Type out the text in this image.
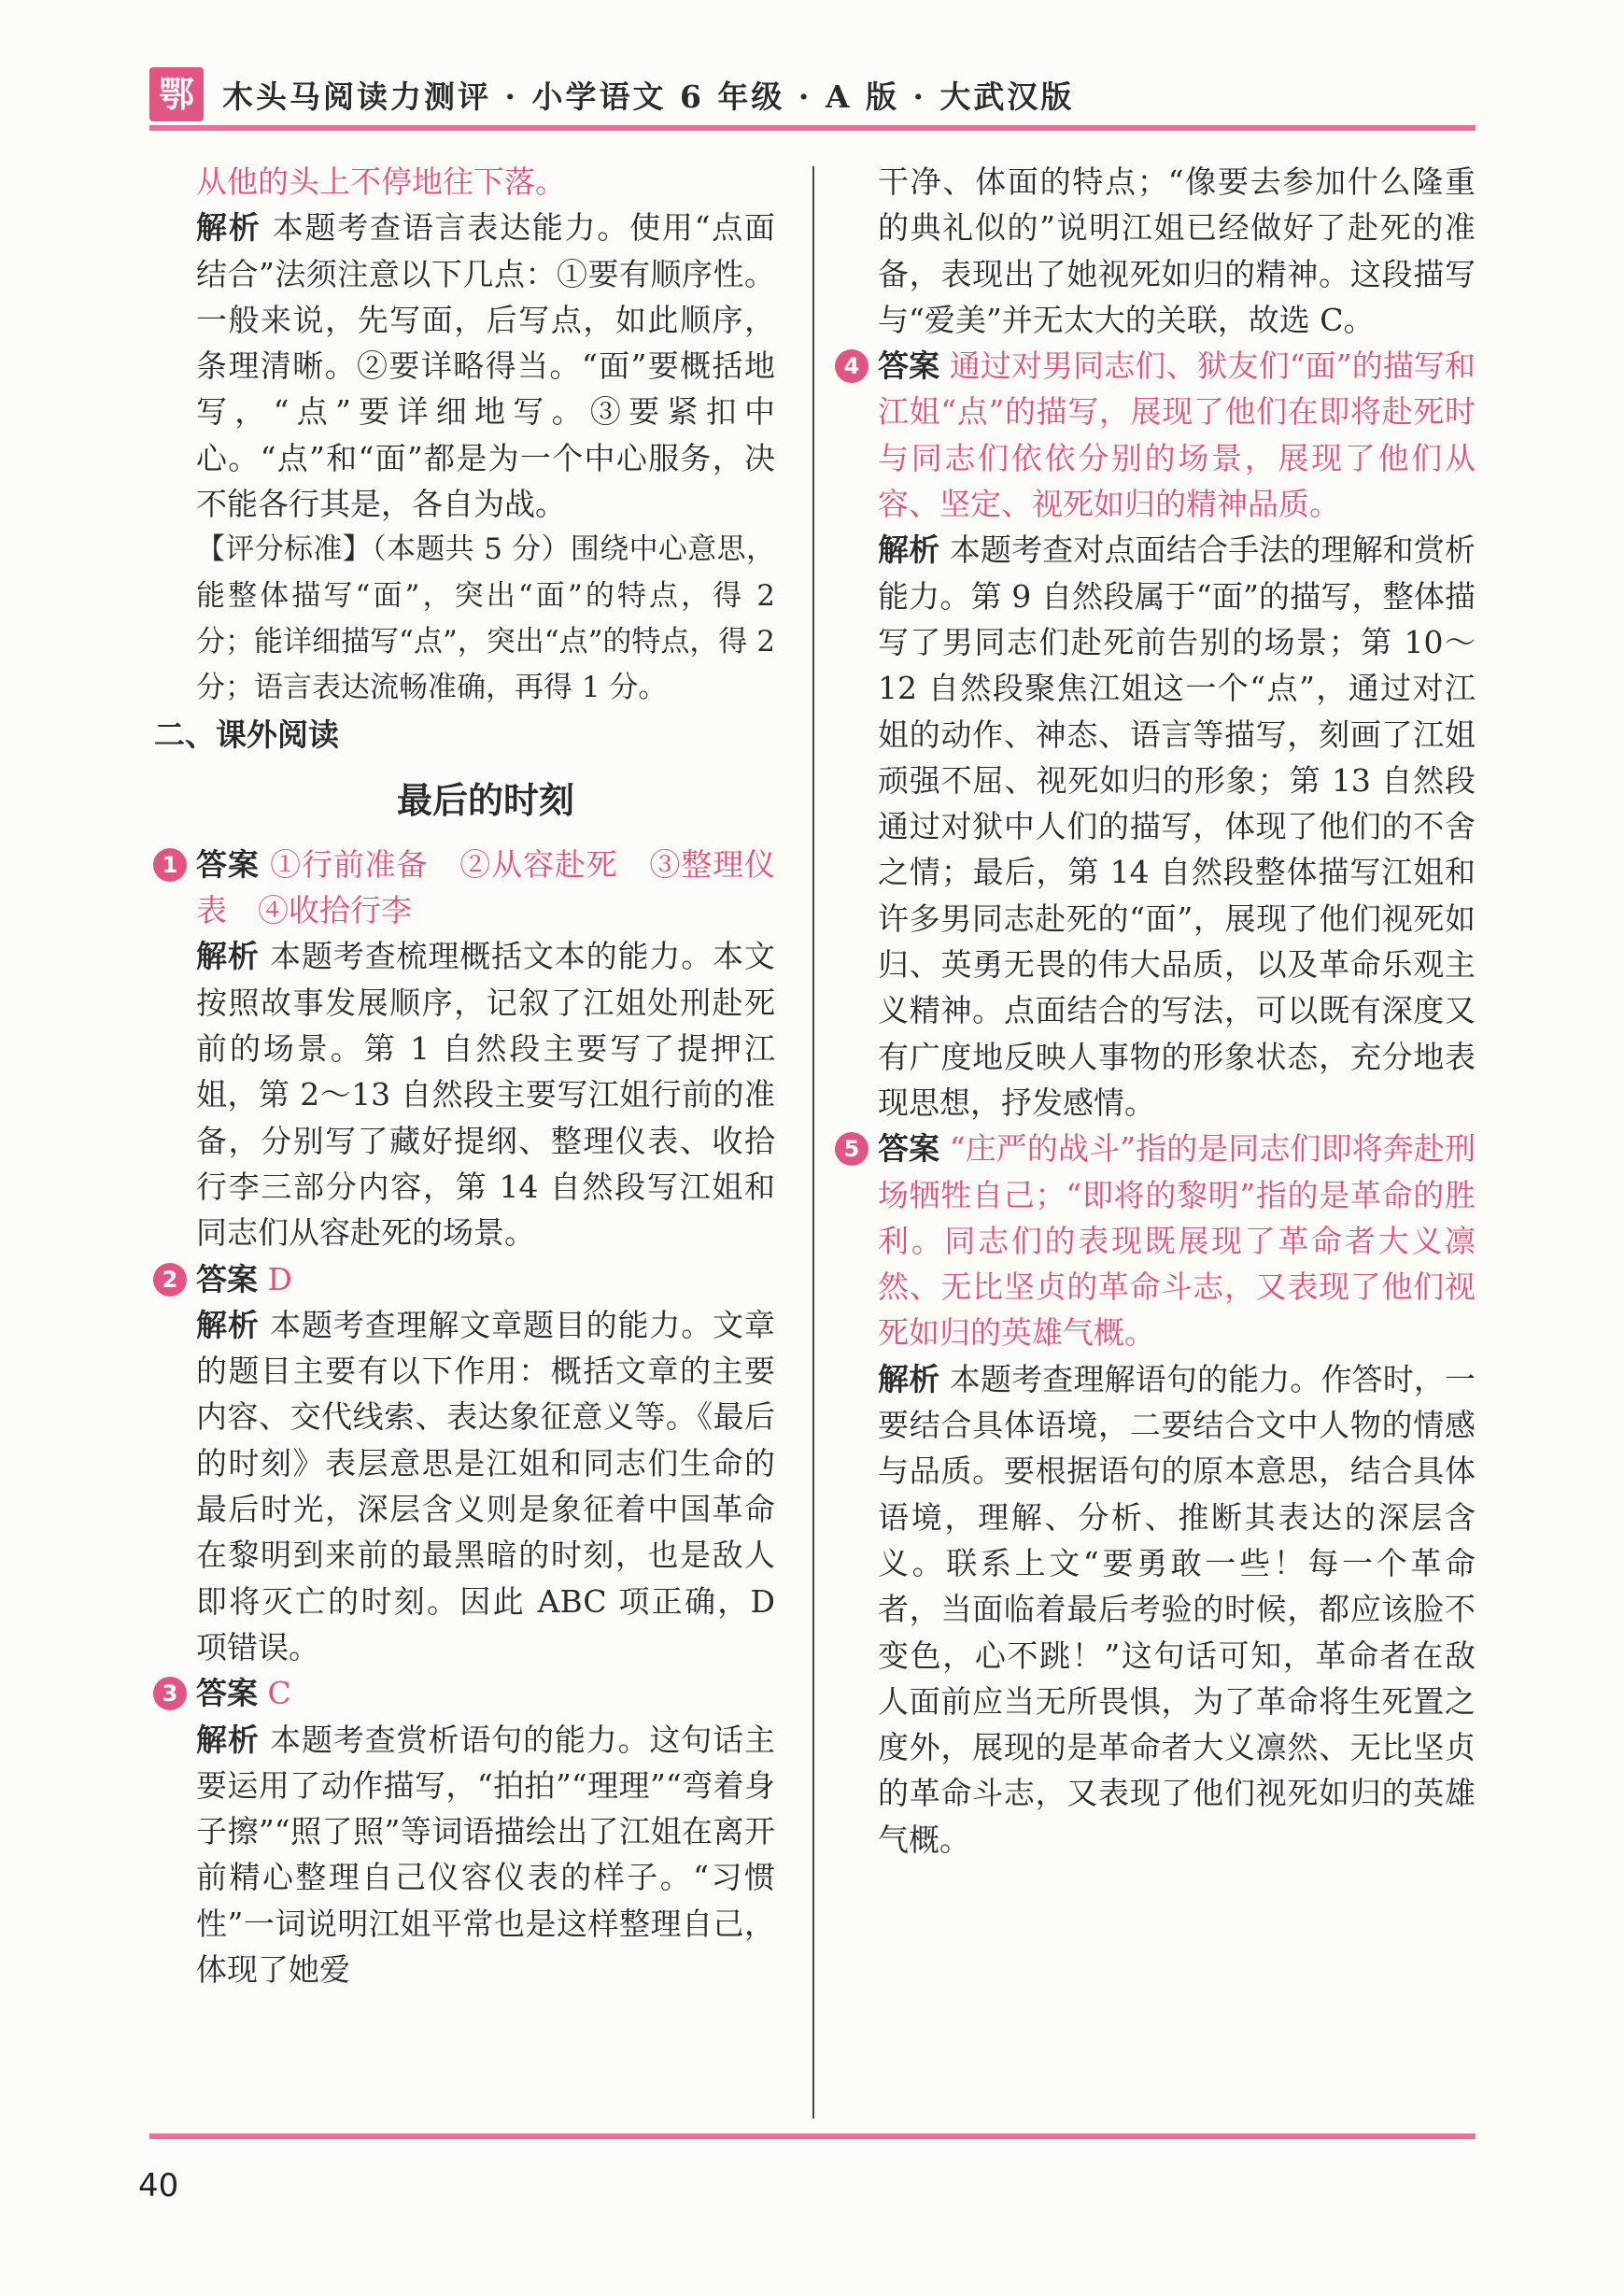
鄂 木头马阅读力测评 · 小学语文 6 年级 · A 版 · 大武汉版

从他的头上不停地往下落。

解析 本题考查语言表达能力。使用“点面结合”法须注意以下几点：①要有顺序性。一般来说，先写面，后写点，如此顺序，条理清晰。②要详略得当。“面”要概括地写，“点”要详细地写。③要紧扣中心。“点”和“面”都是为一个中心服务，决不能各行其是，各自为战。

【评分标准】（本题共 5 分）围绕中心意思，能整体描写“面”，突出“面”的特点，得 2 分；能详细描写“点”，突出“点”的特点，得 2 分；语言表达流畅准确，再得 1 分。

二、课外阅读

最后的时刻
1 答案 ①行前准备　②从容赴死　③整理仪表　④收拾行李

解析 本题考查梳理概括文本的能力。本文按照故事发展顺序，记叙了江姐处刑赴死前的场景。第 1 自然段主要写了提押江姐，第 2～13 自然段主要写江姐行前的准备，分别写了藏好提纲、整理仪表、收拾行李三部分内容，第 14 自然段写江姐和同志们从容赴死的场景。

2 答案 D

解析 本题考查理解文章题目的能力。文章的题目主要有以下作用：概括文章的主要内容、交代线索、表达象征意义等。《最后的时刻》表层意思是江姐和同志们生命的最后时光，深层含义则是象征着中国革命在黎明到来前的最黑暗的时刻，也是敌人即将灭亡的时刻。因此 ABC 项正确，D 项错误。

3 答案 C

解析 本题考查赏析语句的能力。这句话主要运用了动作描写，“拍拍”“理理”“弯着身子擦”“照了照”等词语描绘出了江姐在离开前精心整理自己仪容仪表的样子。“习惯性”一词说明江姐平常也是这样整理自己，体现了她爱

干净、体面的特点；“像要去参加什么隆重的典礼似的”说明江姐已经做好了赴死的准备，表现出了她视死如归的精神。这段描写与“爱美”并无太大的关联，故选 C。

4 答案 通过对男同志们、狱友们“面”的描写和江姐“点”的描写，展现了他们在即将赴死时与同志们依依分别的场景，展现了他们从容、坚定、视死如归的精神品质。

解析 本题考查对点面结合手法的理解和赏析能力。第 9 自然段属于“面”的描写，整体描写了男同志们赴死前告别的场景；第 10～12 自然段聚焦江姐这一个“点”，通过对江姐的动作、神态、语言等描写，刻画了江姐顽强不屈、视死如归的形象；第 13 自然段通过对狱中人们的描写，体现了他们的不舍之情；最后，第 14 自然段整体描写江姐和许多男同志赴死的“面”，展现了他们视死如归、英勇无畏的伟大品质，以及革命乐观主义精神。点面结合的写法，可以既有深度又有广度地反映人事物的形象状态，充分地表现思想，抒发感情。

5 答案 “庄严的战斗”指的是同志们即将奔赴刑场牺牲自己；“即将的黎明”指的是革命的胜利。同志们的表现既展现了革命者大义凛然、无比坚贞的革命斗志，又表现了他们视死如归的英雄气概。

解析 本题考查理解语句的能力。作答时，一要结合具体语境，二要结合文中人物的情感与品质。要根据语句的原本意思，结合具体语境，理解、分析、推断其表达的深层含义。联系上文“要勇敢一些！每一个革命者，当面临着最后考验的时候，都应该脸不变色，心不跳！”这句话可知，革命者在敌人面前应当无所畏惧，为了革命将生死置之度外，展现的是革命者大义凛然、无比坚贞的革命斗志，又表现了他们视死如归的英雄气概。

40
